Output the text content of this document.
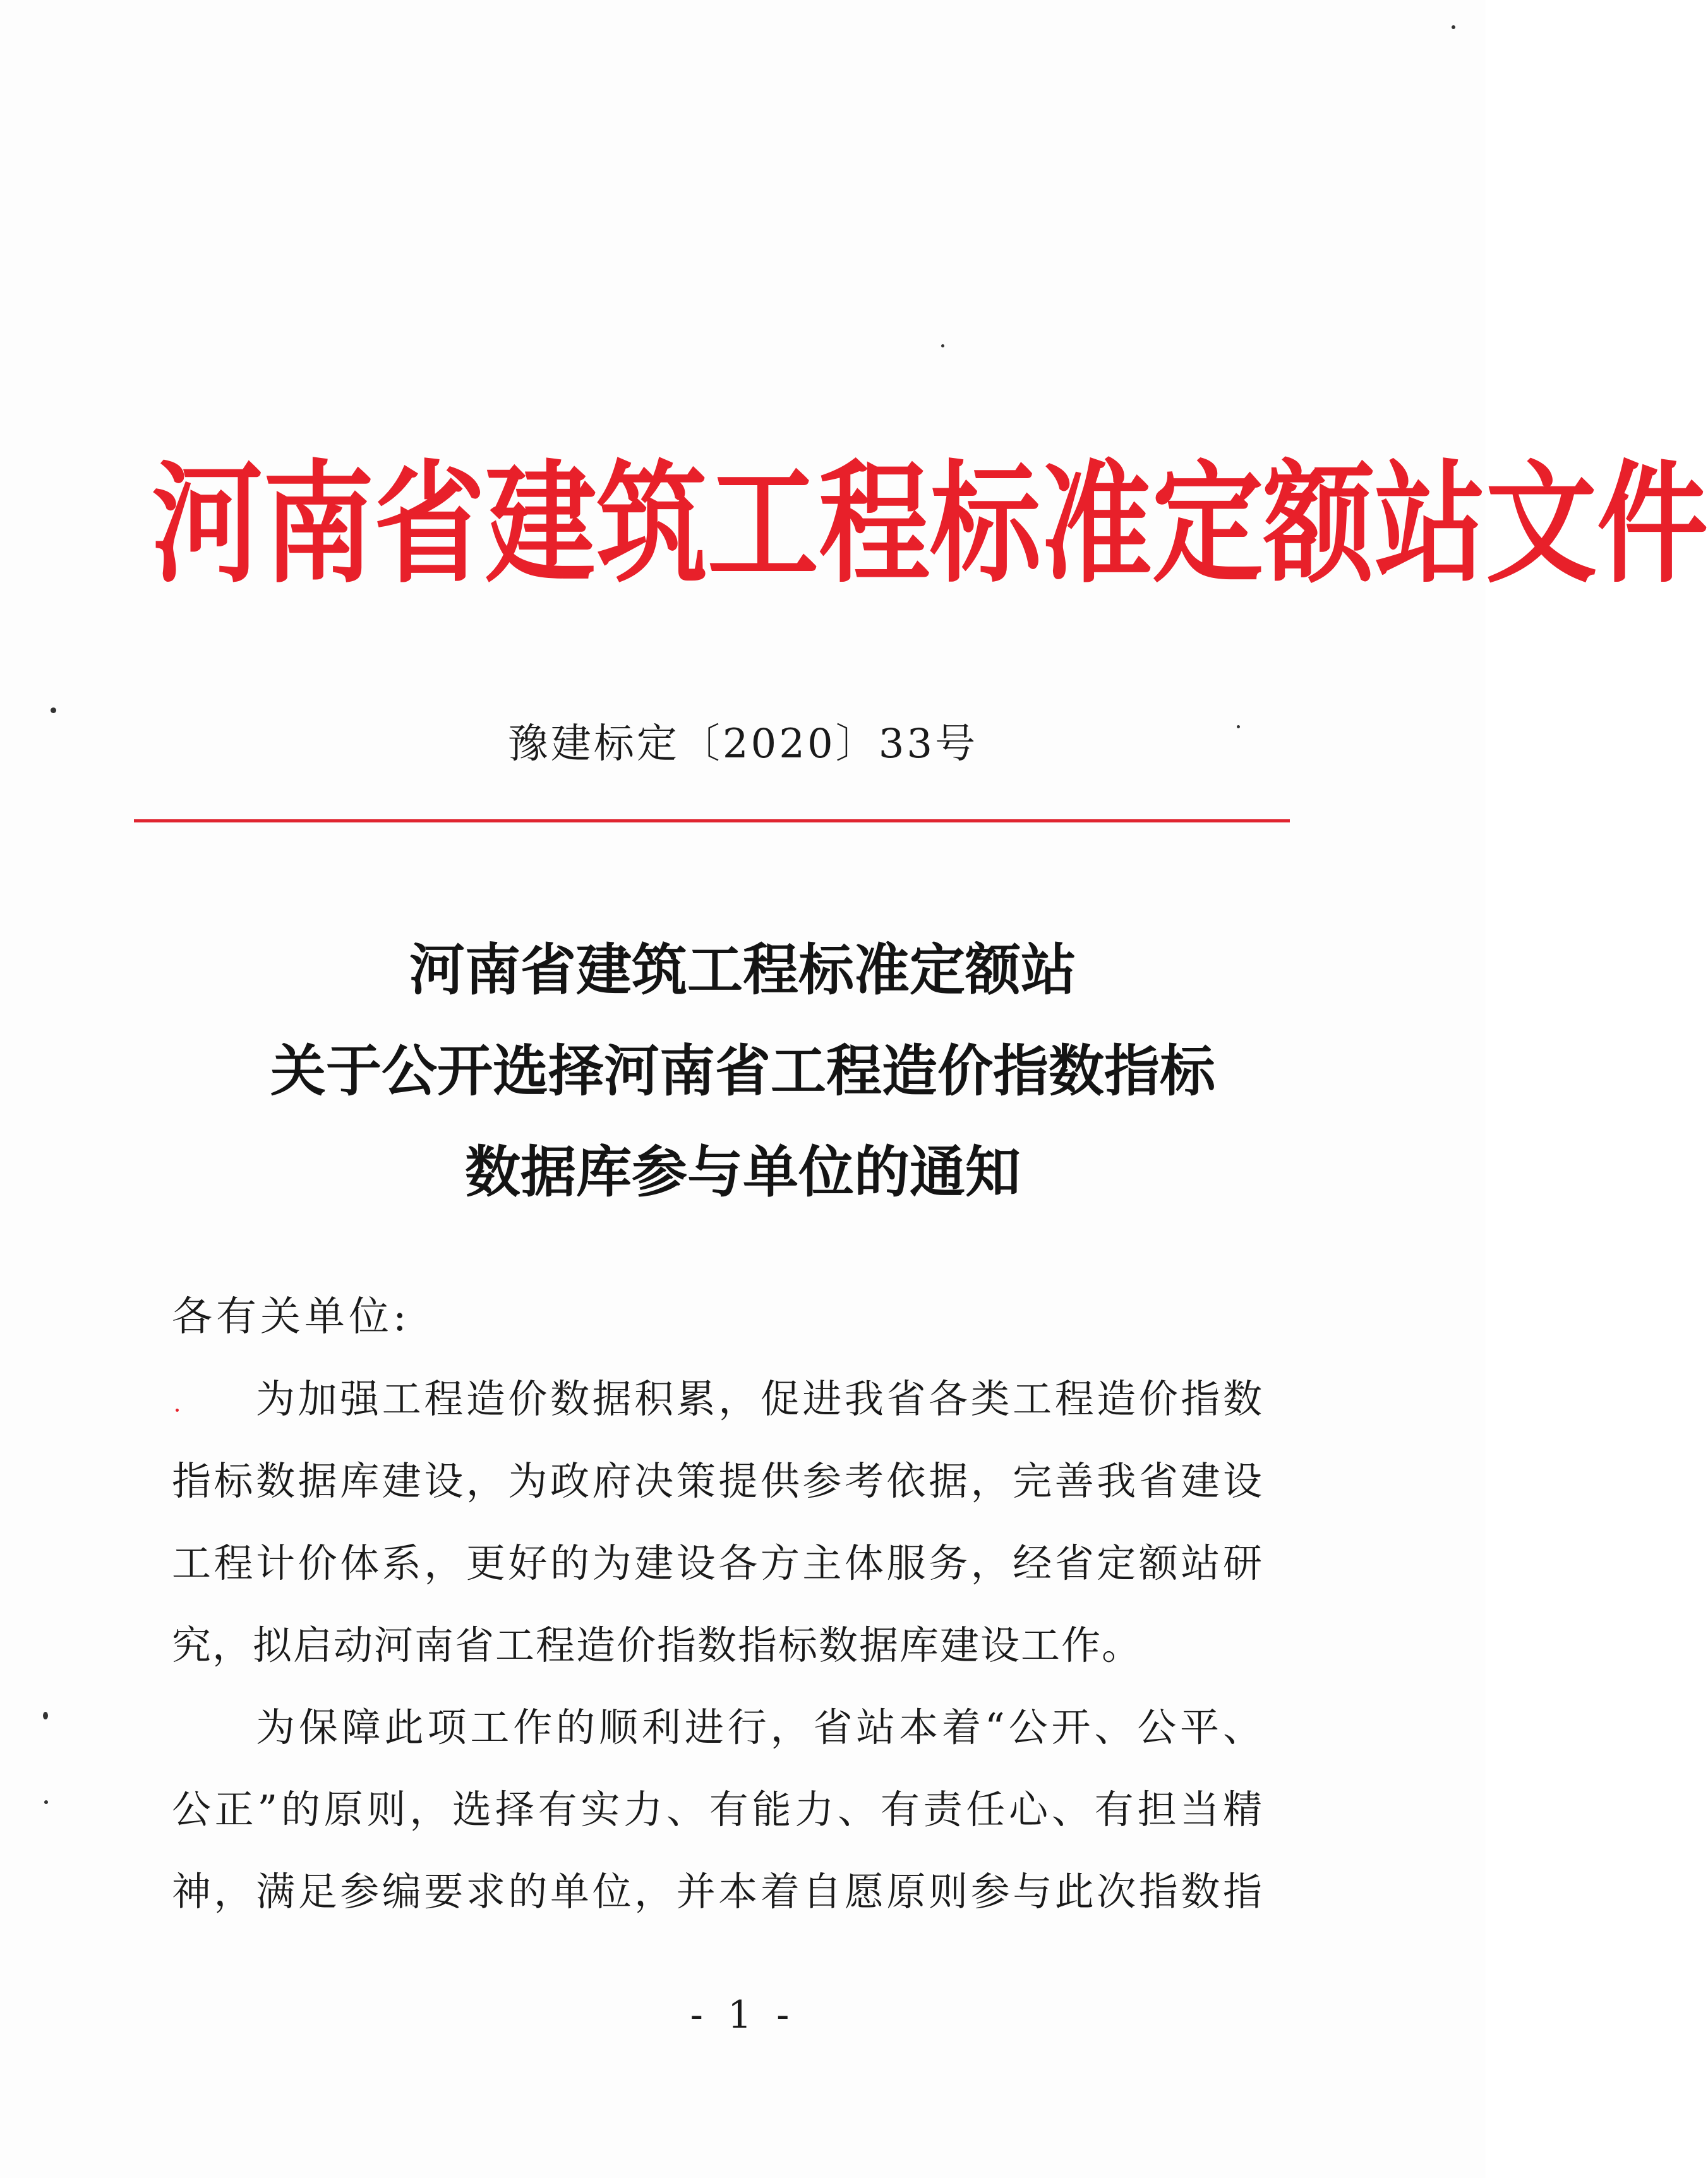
河南省建筑工程标准定额站文件
豫建标定〔2020〕33号
河南省建筑工程标准定额站
关于公开选择河南省工程造价指数指标
数据库参与单位的通知
各有关单位:
为加强工程造价数据积累，促进我省各类工程造价指数
指标数据库建设，为政府决策提供参考依据，完善我省建设
工程计价体系，更好的为建设各方主体服务，经省定额站研
究，拟启动河南省工程造价指数指标数据库建设工作。
为保障此项工作的顺利进行，省站本着“公开、公平、
公正”的原则，选择有实力、有能力、有责任心、有担当精
神，满足参编要求的单位，并本着自愿原则参与此次指数指
- 1 -
